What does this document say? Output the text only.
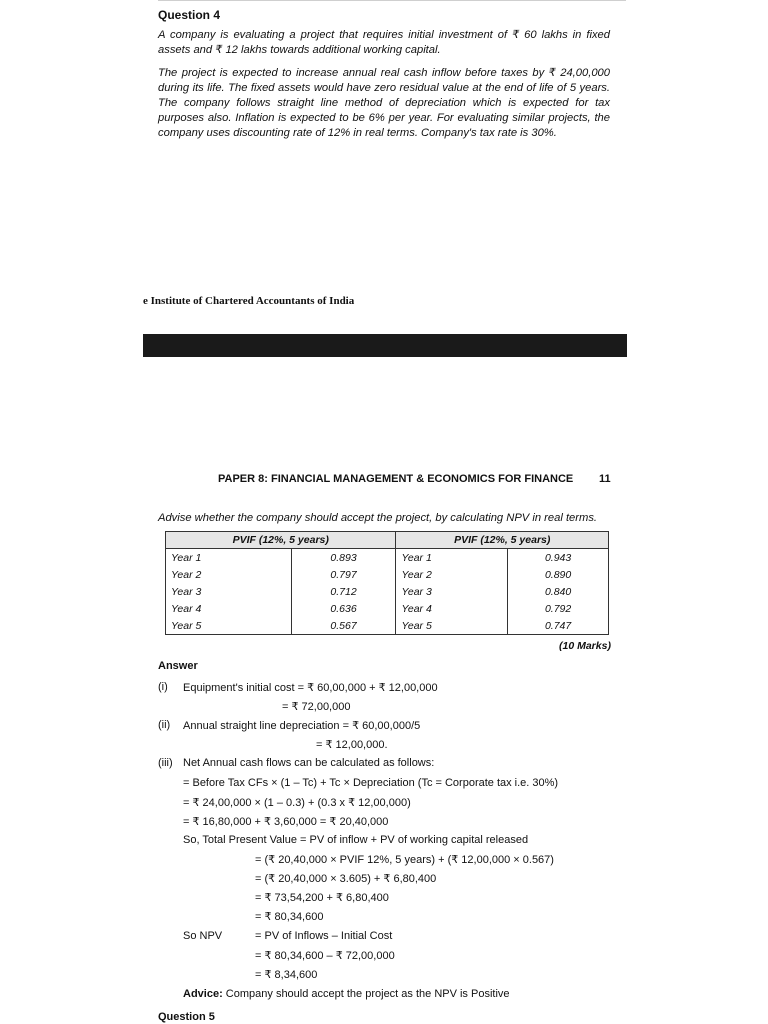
Question 4
A company is evaluating a project that requires initial investment of ₹ 60 lakhs in fixed assets and ₹ 12 lakhs towards additional working capital.
The project is expected to increase annual real cash inflow before taxes by ₹ 24,00,000 during its life. The fixed assets would have zero residual value at the end of life of 5 years. The company follows straight line method of depreciation which is expected for tax purposes also. Inflation is expected to be 6% per year. For evaluating similar projects, the company uses discounting rate of 12% in real terms. Company's tax rate is 30%.
e Institute of Chartered Accountants of India
PAPER 8: FINANCIAL MANAGEMENT & ECONOMICS FOR FINANCE 11
Advise whether the company should accept the project, by calculating NPV in real terms.
PVIF (12%, 5 years)		PVIF (12%, 5 years)	
Year 1	0.893	Year 1	0.943
Year 2	0.797	Year 2	0.890
Year 3	0.712	Year 3	0.840
Year 4	0.636	Year 4	0.792
Year 5	0.567	Year 5	0.747
(10 Marks)
Answer
(i) Equipment's initial cost = ₹ 60,00,000 + ₹ 12,00,000
= ₹ 72,00,000
(ii) Annual straight line depreciation = ₹ 60,00,000/5
= ₹ 12,00,000.
(iii) Net Annual cash flows can be calculated as follows:
= Before Tax CFs × (1 – Tc) + Tc × Depreciation (Tc = Corporate tax i.e. 30%)
= ₹ 24,00,000 × (1 – 0.3) + (0.3 x ₹ 12,00,000)
= ₹ 16,80,000 + ₹ 3,60,000 = ₹ 20,40,000
So, Total Present Value = PV of inflow + PV of working capital released
= (₹ 20,40,000 × PVIF 12%, 5 years) + (₹ 12,00,000 × 0.567)
= (₹ 20,40,000 × 3.605) + ₹ 6,80,400
= ₹ 73,54,200 + ₹ 6,80,400
= ₹ 80,34,600
So NPV	= PV of Inflows – Initial Cost
= ₹ 80,34,600 – ₹ 72,00,000
= ₹ 8,34,600
Advice: Company should accept the project as the NPV is Positive
Question 5
